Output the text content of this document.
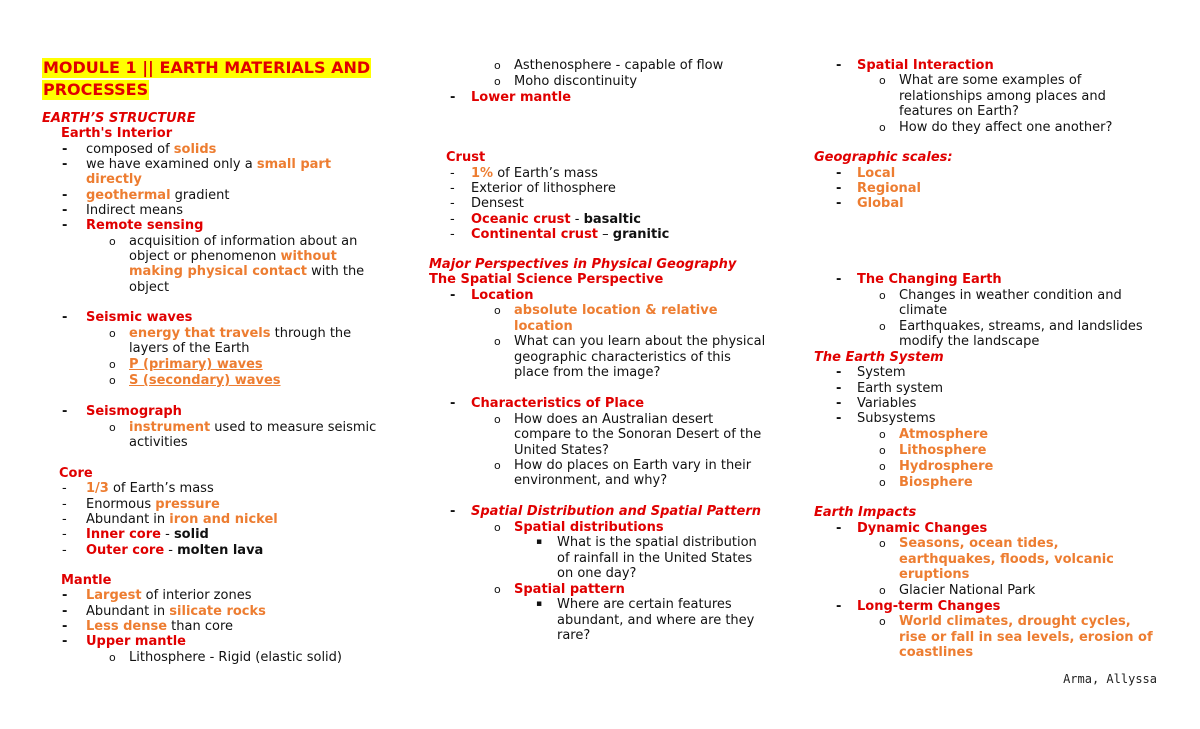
MODULE 1 || EARTH MATERIALS AND
PROCESSES
EARTH’S STRUCTURE
Earth's Interior
- composed of solids
- we have examined only a small part
directly
- geothermal gradient
- Indirect means
- Remote sensing
o acquisition of information about an
object or phenomenon without
making physical contact with the
object
- Seismic waves
o energy that travels through the
layers of the Earth
o P (primary) waves
o S (secondary) waves
- Seismograph
o instrument used to measure seismic
activities
Core
- 1/3 of Earth’s mass
- Enormous pressure
- Abundant in iron and nickel
- Inner core - solid
- Outer core - molten lava
Mantle
- Largest of interior zones
- Abundant in silicate rocks
- Less dense than core
- Upper mantle
o Lithosphere - Rigid (elastic solid)
o Asthenosphere - capable of flow
o Moho discontinuity
- Lower mantle
Crust
- 1% of Earth’s mass
- Exterior of lithosphere
- Densest
- Oceanic crust - basaltic
- Continental crust – granitic
Major Perspectives in Physical Geography
The Spatial Science Perspective
- Location
o absolute location & relative
location
o What can you learn about the physical
geographic characteristics of this
place from the image?
- Characteristics of Place
o How does an Australian desert
compare to the Sonoran Desert of the
United States?
o How do places on Earth vary in their
environment, and why?
- Spatial Distribution and Spatial Pattern
o Spatial distributions
▪ What is the spatial distribution
of rainfall in the United States
on one day?
o Spatial pattern
▪ Where are certain features
abundant, and where are they
rare?
- Spatial Interaction
o What are some examples of
relationships among places and
features on Earth?
o How do they affect one another?
Geographic scales:
- Local
- Regional
- Global
- The Changing Earth
o Changes in weather condition and
climate
o Earthquakes, streams, and landslides
modify the landscape
The Earth System
- System
- Earth system
- Variables
- Subsystems
o Atmosphere
o Lithosphere
o Hydrosphere
o Biosphere
Earth Impacts
- Dynamic Changes
o Seasons, ocean tides,
earthquakes, floods, volcanic
eruptions
o Glacier National Park
- Long-term Changes
o World climates, drought cycles,
rise or fall in sea levels, erosion of
coastlines
Arma, Allyssa
